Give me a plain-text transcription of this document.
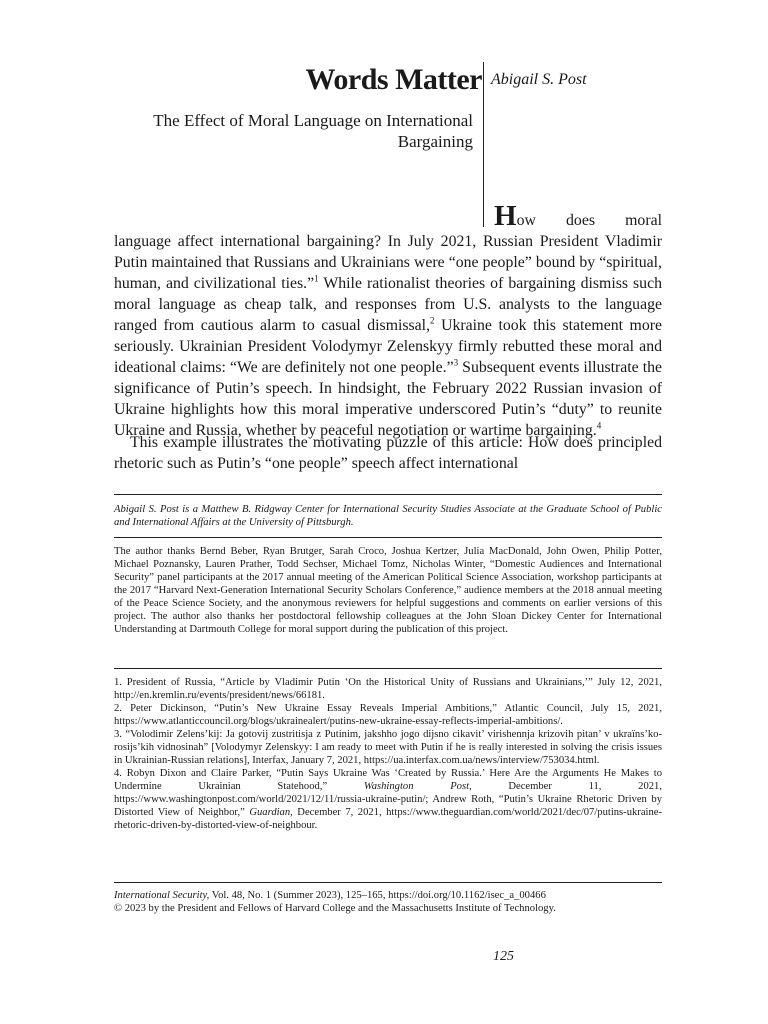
Words Matter Abigail S. Post
The Effect of Moral Language on International Bargaining

How does moral language affect international bargaining? In July 2021, Russian President Vladimir Putin maintained that Russians and Ukrainians were “one people” bound by “spiritual, human, and civilizational ties.”$^1$ While rationalist theories of bargaining dismiss such moral language as cheap talk, and responses from U.S. analysts to the language ranged from cautious alarm to casual dismissal,$^2$ Ukraine took this statement more seriously. Ukrainian President Volodymyr Zelenskyy firmly rebutted these moral and ideational claims: “We are definitely not one people.”$^3$ Subsequent events illustrate the significance of Putin’s speech. In hindsight, the February 2022 Russian invasion of Ukraine highlights how this moral imperative underscored Putin’s “duty” to reunite Ukraine and Russia, whether by peaceful negotiation or wartime bargaining.$^4$

This example illustrates the motivating puzzle of this article: How does principled rhetoric such as Putin’s “one people” speech affect international

Abigail S. Post is a Matthew B. Ridgway Center for International Security Studies Associate at the Graduate School of Public and International Affairs at the University of Pittsburgh.

The author thanks Bernd Beber, Ryan Brutger, Sarah Croco, Joshua Kertzer, Julia MacDonald, John Owen, Philip Potter, Michael Poznansky, Lauren Prather, Todd Sechser, Michael Tomz, Nicholas Winter, “Domestic Audiences and International Security” panel participants at the 2017 annual meeting of the American Political Science Association, workshop participants at the 2017 “Harvard Next-Generation International Security Scholars Conference,” audience members at the 2018 annual meeting of the Peace Science Society, and the anonymous reviewers for helpful suggestions and comments on earlier versions of this project. The author also thanks her postdoctoral fellowship colleagues at the John Sloan Dickey Center for International Understanding at Dartmouth College for moral support during the publication of this project.

1. President of Russia, “Article by Vladimir Putin ‘On the Historical Unity of Russians and Ukrainians,’” July 12, 2021, http://en.kremlin.ru/events/president/news/66181.

2. Peter Dickinson, “Putin’s New Ukraine Essay Reveals Imperial Ambitions,” Atlantic Council, July 15, 2021, https://www.atlanticcouncil.org/blogs/ukrainealert/putins-new-ukraine-essay-reflects-imperial-ambitions/.

3. “Volodimir Zelens’kij: Ja gotovij zustritisja z Putinim, jakshho jogo dijsno cikavit’ virishennja krizovih pitan’ v ukraïns’ko-rosijs’kih vidnosinah” [Volodymyr Zelenskyy: I am ready to meet with Putin if he is really interested in solving the crisis issues in Ukrainian-Russian relations], Interfax, January 7, 2021, https://ua.interfax.com.ua/news/interview/753034.html.

4. Robyn Dixon and Claire Parker, “Putin Says Ukraine Was ‘Created by Russia.’ Here Are the Arguments He Makes to Undermine Ukrainian Statehood,” Washington Post, December 11, 2021, https://www.washingtonpost.com/world/2021/12/11/russia-ukraine-putin/; Andrew Roth, “Putin’s Ukraine Rhetoric Driven by Distorted View of Neighbor,” Guardian, December 7, 2021, https://www.theguardian.com/world/2021/dec/07/putins-ukraine-rhetoric-driven-by-distorted-view-of-neighbour.

International Security, Vol. 48, No. 1 (Summer 2023), 125–165, https://doi.org/10.1162/isec_a_00466

© 2023 by the President and Fellows of Harvard College and the Massachusetts Institute of Technology.

125
